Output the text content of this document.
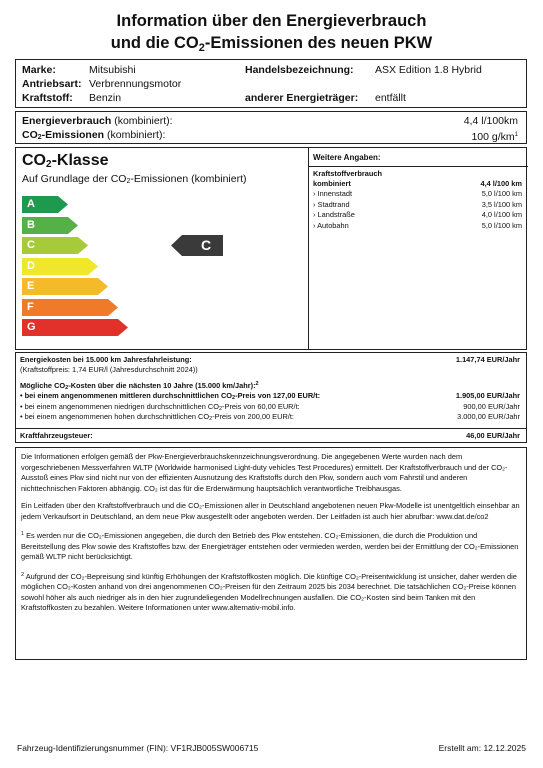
Information über den Energieverbrauch
und die $CO_2$-Emissionen des neuen PKW
Marke:	Mitsubishi
Antriebsart: Verbrennungsmotor
Kraftstoff: Benzin
Handelsbezeichnung: ASX Edition 1.8 Hybrid
anderer Energieträger: entfällt
Energieverbrauch (kombiniert):	4,4 l/100km
CO2-Emissionen (kombiniert):	100 $g/km^1$
CO2-Klasse
Auf Grundlage der CO2-Emissionen (kombiniert)
A
B
C
D
E
F
G
C
Weitere Angaben:
Kraftstoffverbrauch
kombiniert	4,4 l/100 km
› Innenstadt	5,0 l/100 km
› Stadtrand	3,5 l/100 km
› Landstraße	4,0 l/100 km
› Autobahn	5,0 l/100 km
Energiekosten bei 15.000 km Jahresfahrleistung:	1.147,74 EUR/Jahr
(Kraftstoffpreis: 1,74 EUR/l (Jahresdurchschnitt 2024))
Mögliche CO2-Kosten über die nächsten 10 Jahre (15.000 km/Jahr):$^2$
• bei einem angenommenen mittleren durchschnittlichen CO2-Preis von 127,00 EUR/t:	1.905,00 EUR/Jahr
• bei einem angenommenen niedrigen durchschnittlichen CO2-Preis von 60,00 EUR/t:	900,00 EUR/Jahr
• bei einem angenommenen hohen durchschnittlichen CO2-Preis von 200,00 EUR/t:	3.000,00 EUR/Jahr
Kraftfahrzeugsteuer:	46,00 EUR/Jahr

Die Informationen erfolgen gemäß der Pkw-Energieverbrauchskennzeichnungsverordnung. Die angegebenen Werte wurden nach dem vorgeschriebenen Messverfahren WLTP (Worldwide harmonised Light-duty vehicles Test Procedures) ermittelt. Der Kraftstoffverbrauch und der CO₂-Ausstoß eines Pkw sind nicht nur von der effizienten Ausnutzung des Kraftstoffs durch den Pkw, sondern auch vom Fahrstil und anderen nichttechnischen Faktoren abhängig. CO₂ ist das für die Erderwärmung hauptsächlich verantwortliche Treibhausgas.

Ein Leitfaden über den Kraftstoffverbrauch und die CO₂-Emissionen aller in Deutschland angebotenen neuen Pkw-Modelle ist unentgeltlich einsehbar an jedem Verkaufsort in Deutschland, an dem neue Pkw ausgestellt oder angeboten werden. Der Leitfaden ist auch hier abrufbar: www.dat.de/co2

$^1$ Es werden nur die CO₂-Emissionen angegeben, die durch den Betrieb des Pkw entstehen. CO₂-Emissionen, die durch die Produktion und Bereitstellung des Pkw sowie des Kraftstoffes bzw. der Energieträger entstehen oder vermieden werden, werden bei der Ermittlung der CO₂-Emissionen gemäß WLTP nicht berücksichtigt.

$^2$ Aufgrund der CO₂-Bepreisung sind künftig Erhöhungen der Kraftstoffkosten möglich. Die künftige CO₂-Preisentwicklung ist unsicher, daher werden die möglichen CO₂-Kosten anhand von drei angenommenen CO₂-Preisen für den Zeitraum 2025 bis 2034 berechnet. Die tatsächlichen CO₂-Preise können sowohl höher als auch niedriger als in den hier zugrundeliegenden Modellrechnungen ausfallen. Die CO₂-Kosten sind beim Tanken mit den Kraftstoffkosten zu bezahlen. Weitere Informationen unter www.alternativ-mobil.info.

Fahrzeug-Identifizierungsnummer (FIN): VF1RJB005SW006715	Erstellt am: 12.12.2025
